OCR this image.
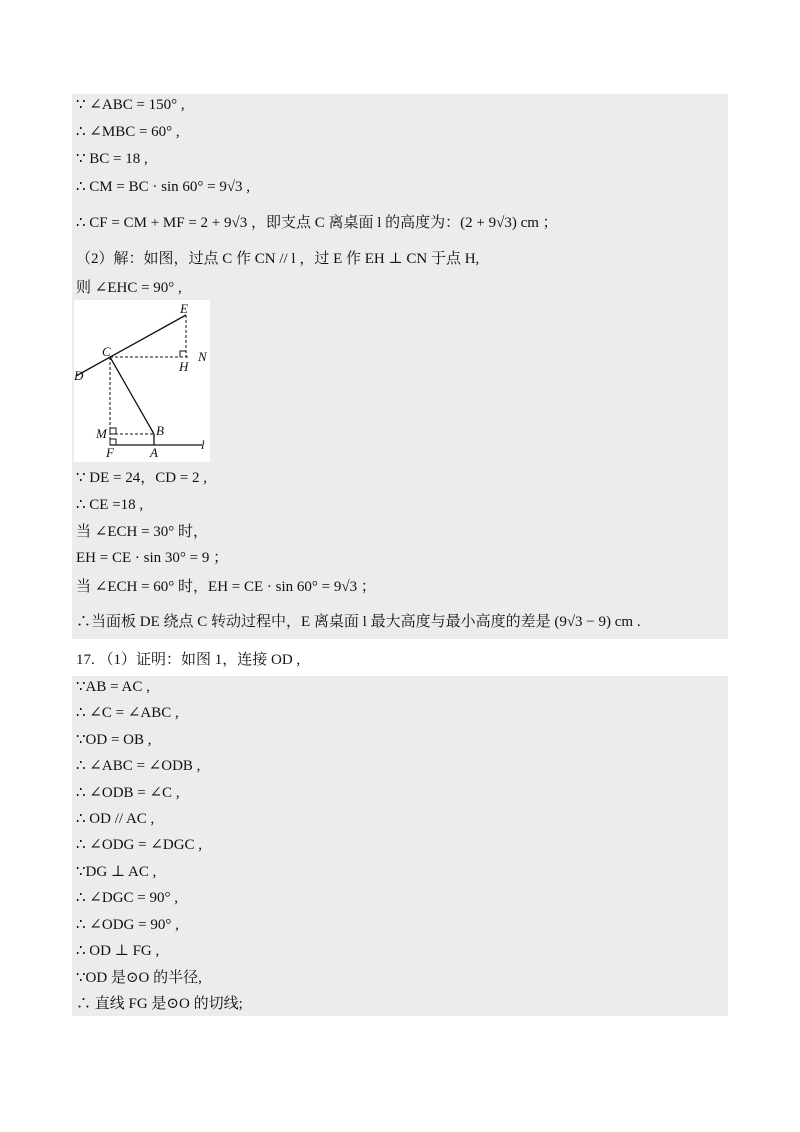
∵ ∠ABC = 150° ,
∴ ∠MBC = 60° ,
∵ BC = 18 ,
∴ CM = BC · sin 60° = 9√3 ,
∴ CF = CM + MF = 2 + 9√3 ，即支点 C 离桌面 l 的高度为：(2 + 9√3) cm ；
（2）解：如图，过点 C 作 CN // l ，过 E 作 EH ⊥ CN 于点 H,
则 ∠EHC = 90° ,
E
C	N
H
D
M	B
F	A
l
∵ DE = 24，CD = 2 ,
∴ CE =18 ,
当 ∠ECH = 30° 时，
EH = CE · sin 30° = 9 ；
当 ∠ECH = 60° 时，EH = CE · sin 60° = 9√3 ；
∴当面板 DE 绕点 C 转动过程中，E 离桌面 l 最大高度与最小高度的差是 (9√3 − 9) cm .
17. （1）证明：如图 1，连接 OD ,
∵AB = AC ,
∴ ∠C = ∠ABC ,
∵OD = OB ,
∴ ∠ABC = ∠ODB ,
∴ ∠ODB = ∠C ,
∴ OD // AC ,
∴ ∠ODG = ∠DGC ,
∵DG ⊥ AC ,
∴ ∠DGC = 90° ,
∴ ∠ODG = 90° ,
∴ OD ⊥ FG ,
∵OD 是⊙O 的半径,
∴ 直线 FG 是⊙O 的切线;
